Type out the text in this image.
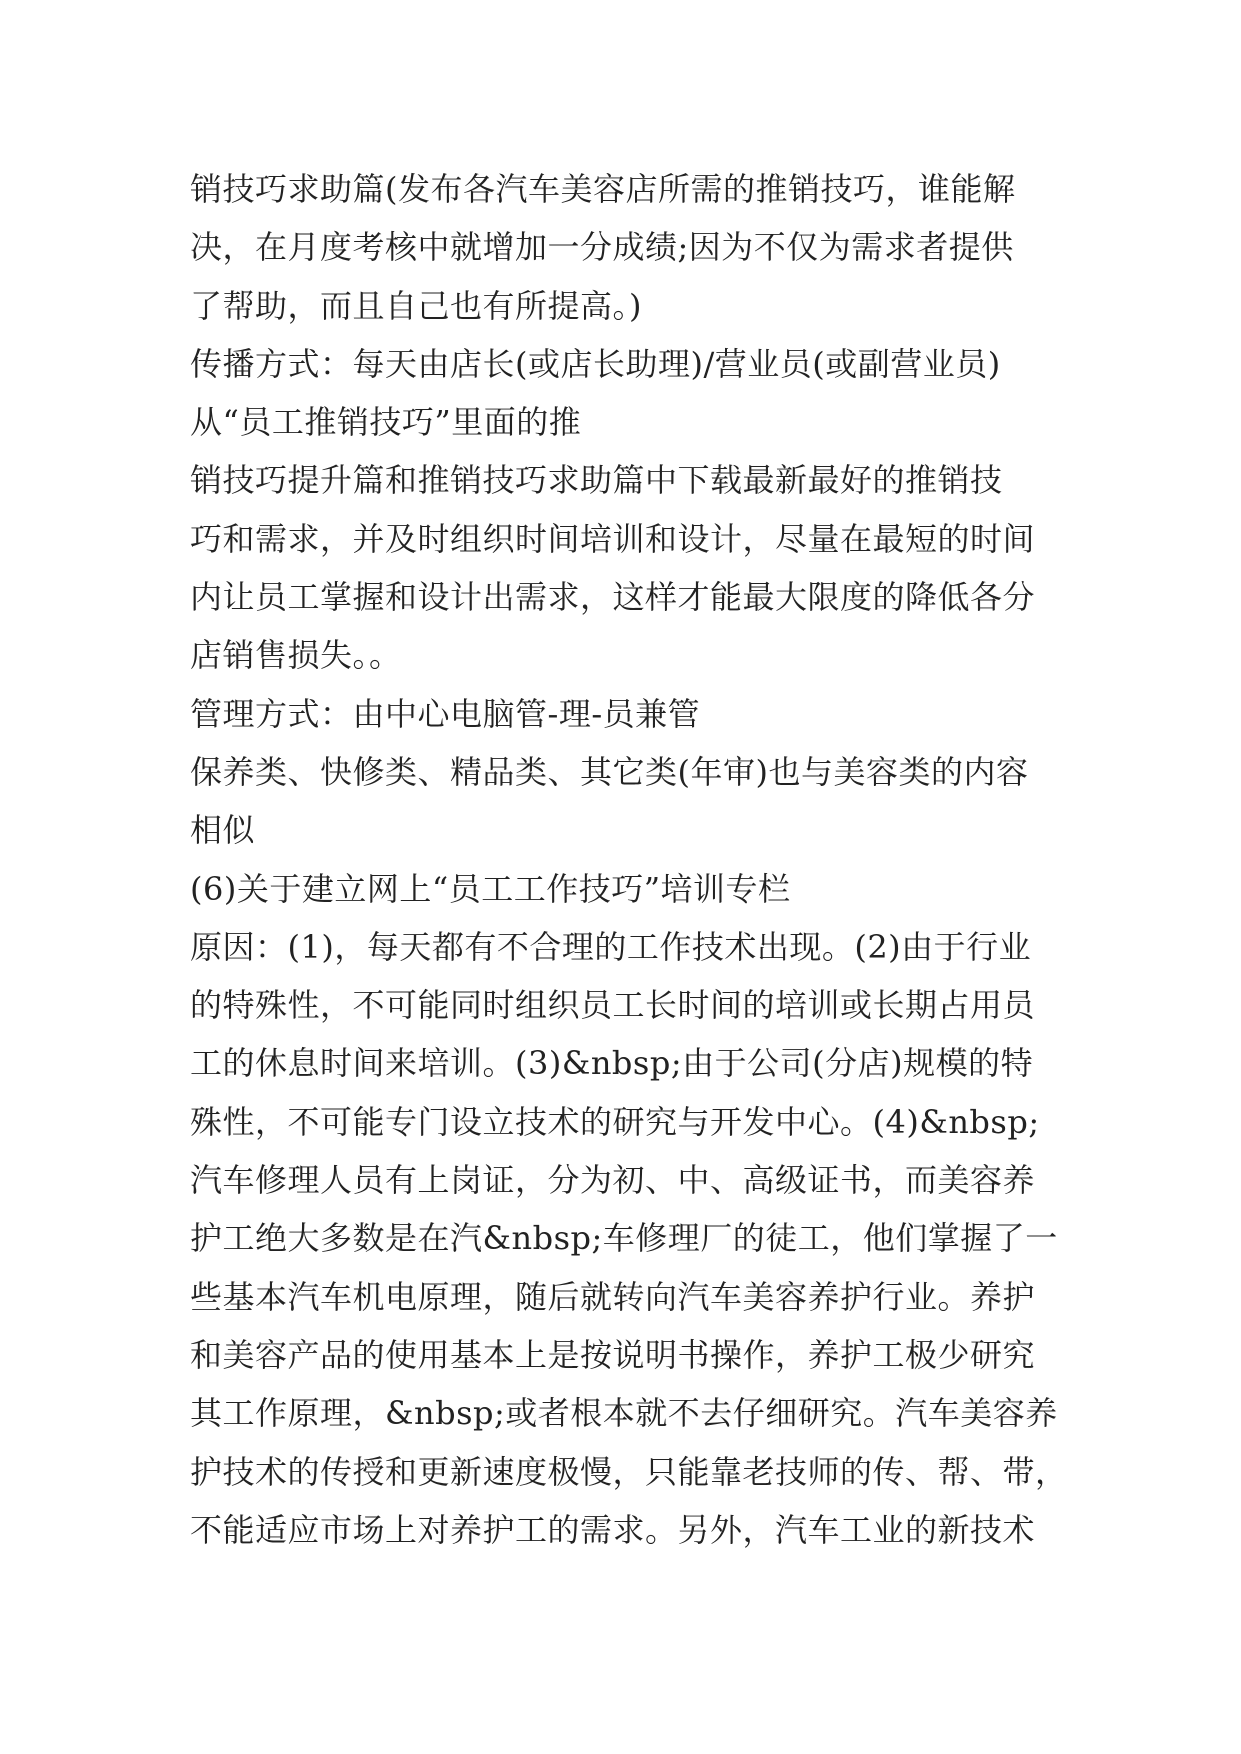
销技巧求助篇(发布各汽车美容店所需的推销技巧，谁能解
决，在月度考核中就增加一分成绩;因为不仅为需求者提供
了帮助，而且自己也有所提高。)
传播方式：每天由店长(或店长助理)/营业员(或副营业员)
从“员工推销技巧”里面的推
销技巧提升篇和推销技巧求助篇中下载最新最好的推销技
巧和需求，并及时组织时间培训和设计，尽量在最短的时间
内让员工掌握和设计出需求，这样才能最大限度的降低各分
店销售损失。。
管理方式：由中心电脑管-理-员兼管
保养类、快修类、精品类、其它类(年审)也与美容类的内容
相似
(6)关于建立网上“员工工作技巧”培训专栏
原因：(1)，每天都有不合理的工作技术出现。(2)由于行业
的特殊性，不可能同时组织员工长时间的培训或长期占用员
工的休息时间来培训。(3)&nbsp;由于公司(分店)规模的特
殊性，不可能专门设立技术的研究与开发中心。(4)&nbsp;
汽车修理人员有上岗证，分为初、中、高级证书，而美容养
护工绝大多数是在汽&nbsp;车修理厂的徒工，他们掌握了一
些基本汽车机电原理，随后就转向汽车美容养护行业。养护
和美容产品的使用基本上是按说明书操作，养护工极少研究
其工作原理，&nbsp;或者根本就不去仔细研究。汽车美容养
护技术的传授和更新速度极慢，只能靠老技师的传、帮、带，
不能适应市场上对养护工的需求。另外，汽车工业的新技术
